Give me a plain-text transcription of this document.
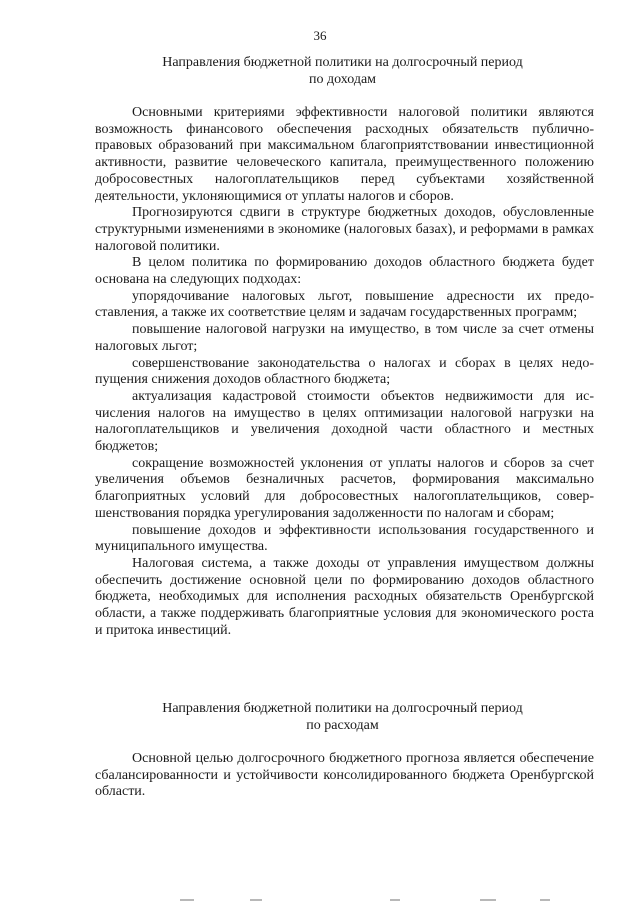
36
Направления бюджетной политики на долгосрочный период
по доходам

Основными критериями эффективности налоговой политики являются возможность финансового обеспечения расходных обязательств публично-правовых образований при максимальном благоприятствовании инвестиционной активности, развитие человеческого капитала, преимущественного положению добросовестных налогоплательщиков перед субъектами хозяйственной деятельности, уклоняющимися от уплаты налогов и сборов.

Прогнозируются сдвиги в структуре бюджетных доходов, обусловленные структурными изменениями в экономике (налоговых базах), и реформами в рамках налоговой политики.

В целом политика по формированию доходов областного бюджета будет основана на следующих подходах:

упорядочивание налоговых льгот, повышение адресности их предоставления, а также их соответствие целям и задачам государственных программ;

повышение налоговой нагрузки на имущество, в том числе за счет отмены налоговых льгот;

совершенствование законодательства о налогах и сборах в целях недопущения снижения доходов областного бюджета;

актуализация кадастровой стоимости объектов недвижимости для исчисления налогов на имущество в целях оптимизации налоговой нагрузки на налогоплательщиков и увеличения доходной части областного и местных бюджетов;

сокращение возможностей уклонения от уплаты налогов и сборов за счет увеличения объемов безналичных расчетов, формирования максимально благоприятных условий для добросовестных налогоплательщиков, совершенствования порядка урегулирования задолженности по налогам и сборам;

повышение доходов и эффективности использования государственного и муниципального имущества.

Налоговая система, а также доходы от управления имуществом должны обеспечить достижение основной цели по формированию доходов областного бюджета, необходимых для исполнения расходных обязательств Оренбургской области, а также поддерживать благоприятные условия для экономического роста и притока инвестиций.

Направления бюджетной политики на долгосрочный период
по расходам

Основной целью долгосрочного бюджетного прогноза является обеспечение сбалансированности и устойчивости консолидированного бюджета Оренбургской области.
